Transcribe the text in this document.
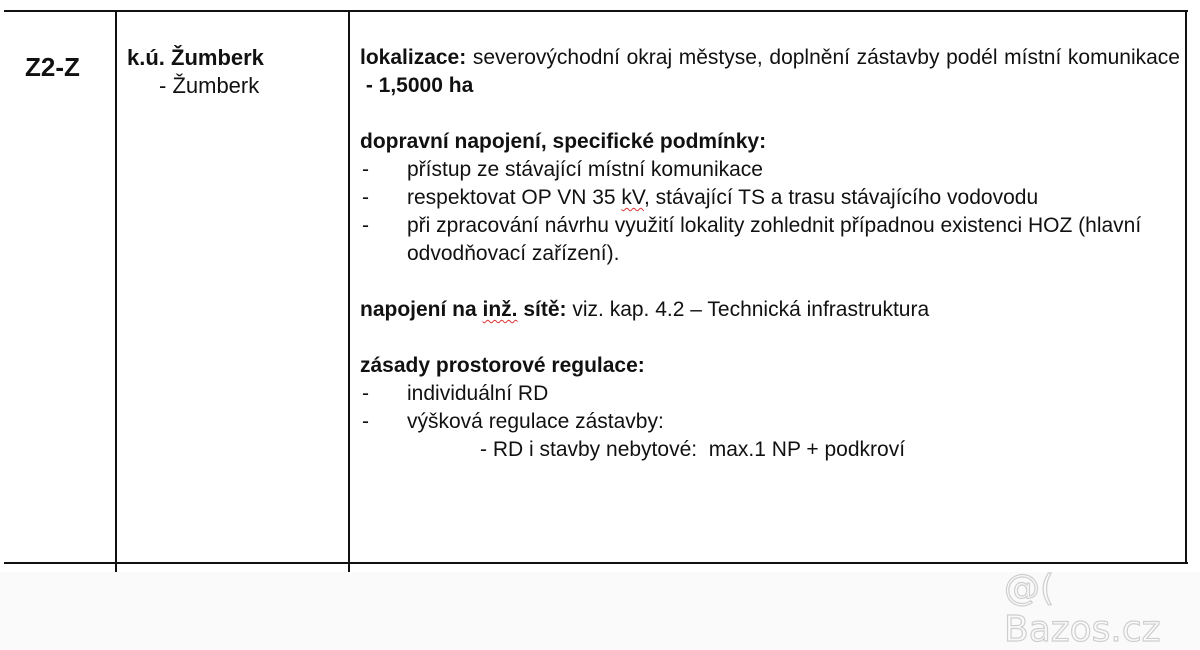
Z2-Z k.ú. Žumberk
- Žumberk

lokalizace: severovýchodní okraj městyse, doplnění zástavby podél místní komunikace  - 1,5000 ha

dopravní napojení, specifické podmínky:
- přístup ze stávající místní komunikace
- respektovat OP VN 35 kV, stávající TS a trasu stávajícího vodovodu
- při zpracování návrhu využití lokality zohlednit případnou existenci HOZ (hlavní odvodňovací zařízení).

napojení na inž. sítě: viz. kap. 4.2 – Technická infrastruktura

zásady prostorové regulace:
- individuální RD
- výšková regulace zástavby:
- RD i stavby nebytové:  max.1 NP + podkroví
@( Bazos.cz
